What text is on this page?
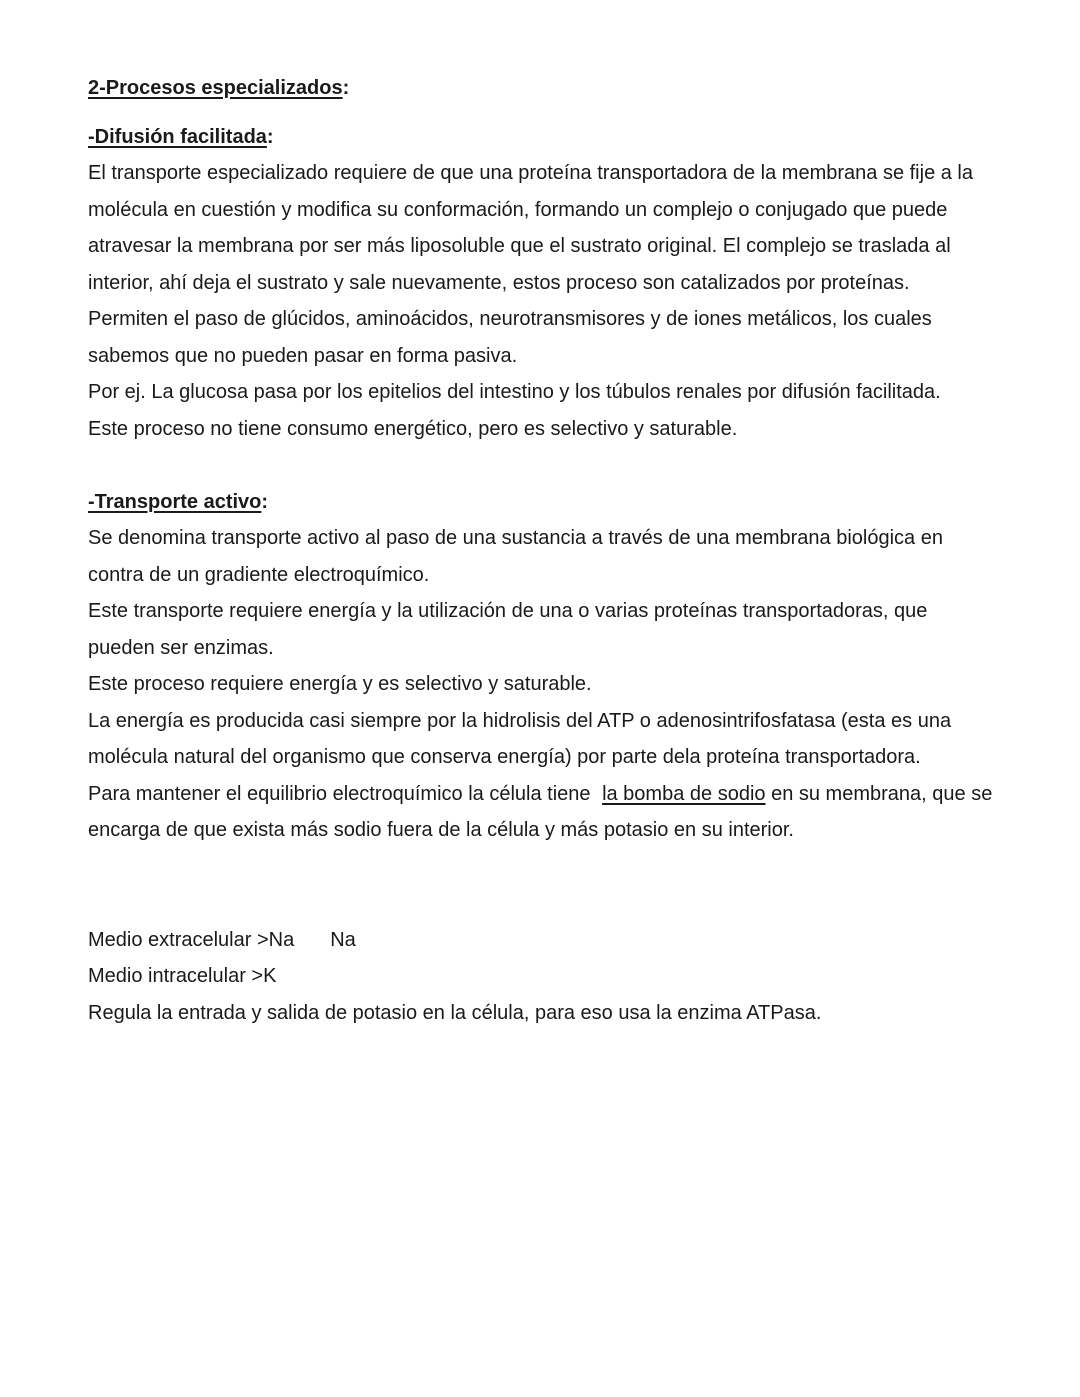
2-Procesos especializados:

-Difusión facilitada:

El transporte especializado requiere de que una proteína transportadora de la membrana se fije a la molécula en cuestión y modifica su conformación, formando un complejo o conjugado que puede atravesar la membrana por ser más liposoluble que el sustrato original. El complejo se traslada al interior, ahí deja el sustrato y sale nuevamente, estos proceso son catalizados por proteínas.

Permiten el paso de glúcidos, aminoácidos, neurotransmisores y de iones metálicos, los cuales sabemos que no pueden pasar en forma pasiva.

Por ej. La glucosa pasa por los epitelios del intestino y los túbulos renales por difusión facilitada.

Este proceso no tiene consumo energético, pero es selectivo y saturable.

-Transporte activo:

Se denomina transporte activo al paso de una sustancia a través de una membrana biológica en contra de un gradiente electroquímico.

Este transporte requiere energía y la utilización de una o varias proteínas transportadoras, que pueden ser enzimas.

Este proceso requiere energía y es selectivo y saturable.

La energía es producida casi siempre por la hidrolisis del ATP o adenosintrifosfatasa (esta es una molécula natural del organismo que conserva energía) por parte dela proteína transportadora.

Para mantener el equilibrio electroquímico la célula tiene la bomba de sodio en su membrana, que se encarga de que exista más sodio fuera de la célula y más potasio en su interior.

Medio extracelular >Na Na

Medio intracelular >K

Regula la entrada y salida de potasio en la célula, para eso usa la enzima ATPasa.
